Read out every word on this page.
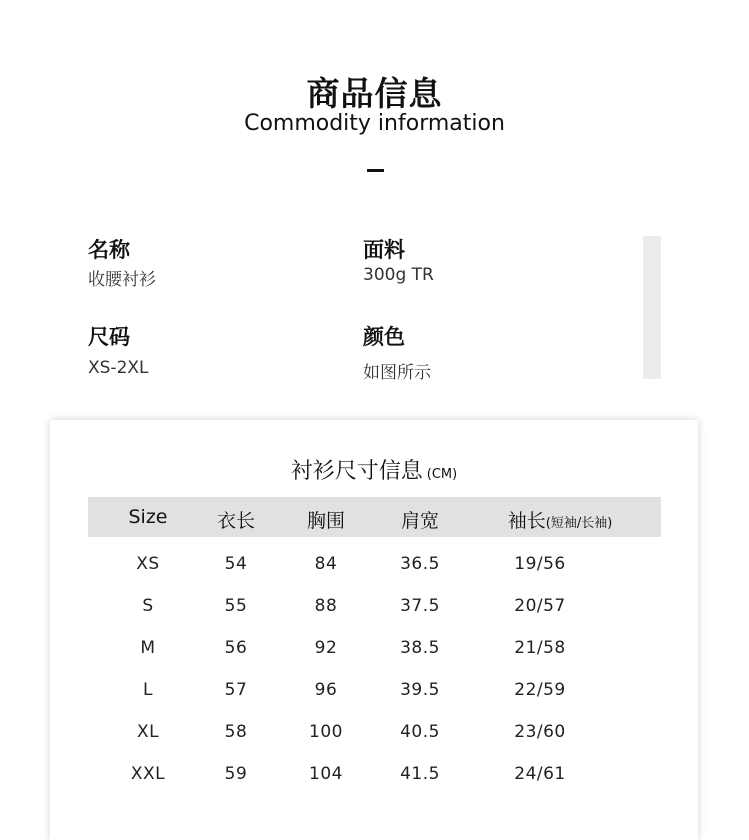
商品信息
Commodity information
名称
收腰衬衫
面料
300g TR
尺码
XS-2XL
颜色
如图所示
衬衫尺寸信息 (CM)
Size	衣长	胸围	肩宽	袖长(短袖/长袖)
XS	54	84	36.5	19/56
S	55	88	37.5	20/57
M	56	92	38.5	21/58
L	57	96	39.5	22/59
XL	58	100	40.5	23/60
XXL	59	104	41.5	24/61
